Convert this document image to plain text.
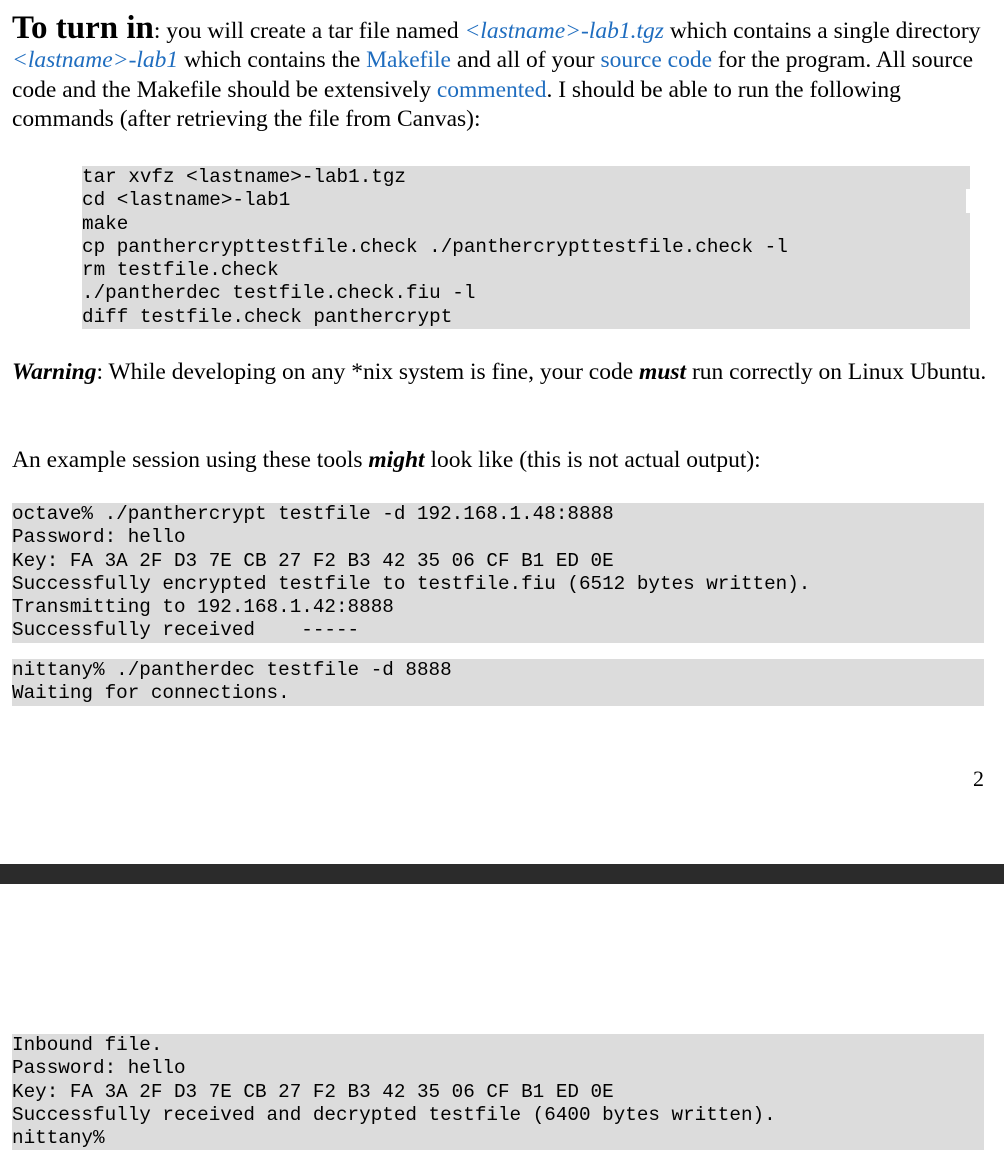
To turn in: you will create a tar file named <lastname>-lab1.tgz which contains a single directory <lastname>-lab1 which contains the Makefile and all of your source code for the program. All source code and the Makefile should be extensively commented. I should be able to run the following commands (after retrieving the file from Canvas):

tar xvfz <lastname>-lab1.tgz
cd <lastname>-lab1
make
cp panthercrypttestfile.check ./panthercrypttestfile.check -l
rm testfile.check
./pantherdec testfile.check.fiu -l
diff testfile.check panthercrypt

Warning: While developing on any *nix system is fine, your code must run correctly on Linux Ubuntu.

An example session using these tools might look like (this is not actual output):

octave% ./panthercrypt testfile -d 192.168.1.48:8888
Password: hello
Key: FA 3A 2F D3 7E CB 27 F2 B3 42 35 06 CF B1 ED 0E
Successfully encrypted testfile to testfile.fiu (6512 bytes written).
Transmitting to 192.168.1.42:8888
Successfully received    -----
nittany% ./pantherdec testfile -d 8888
Waiting for connections.
2
Inbound file.
Password: hello
Key: FA 3A 2F D3 7E CB 27 F2 B3 42 35 06 CF B1 ED 0E
Successfully received and decrypted testfile (6400 bytes written).
nittany%
